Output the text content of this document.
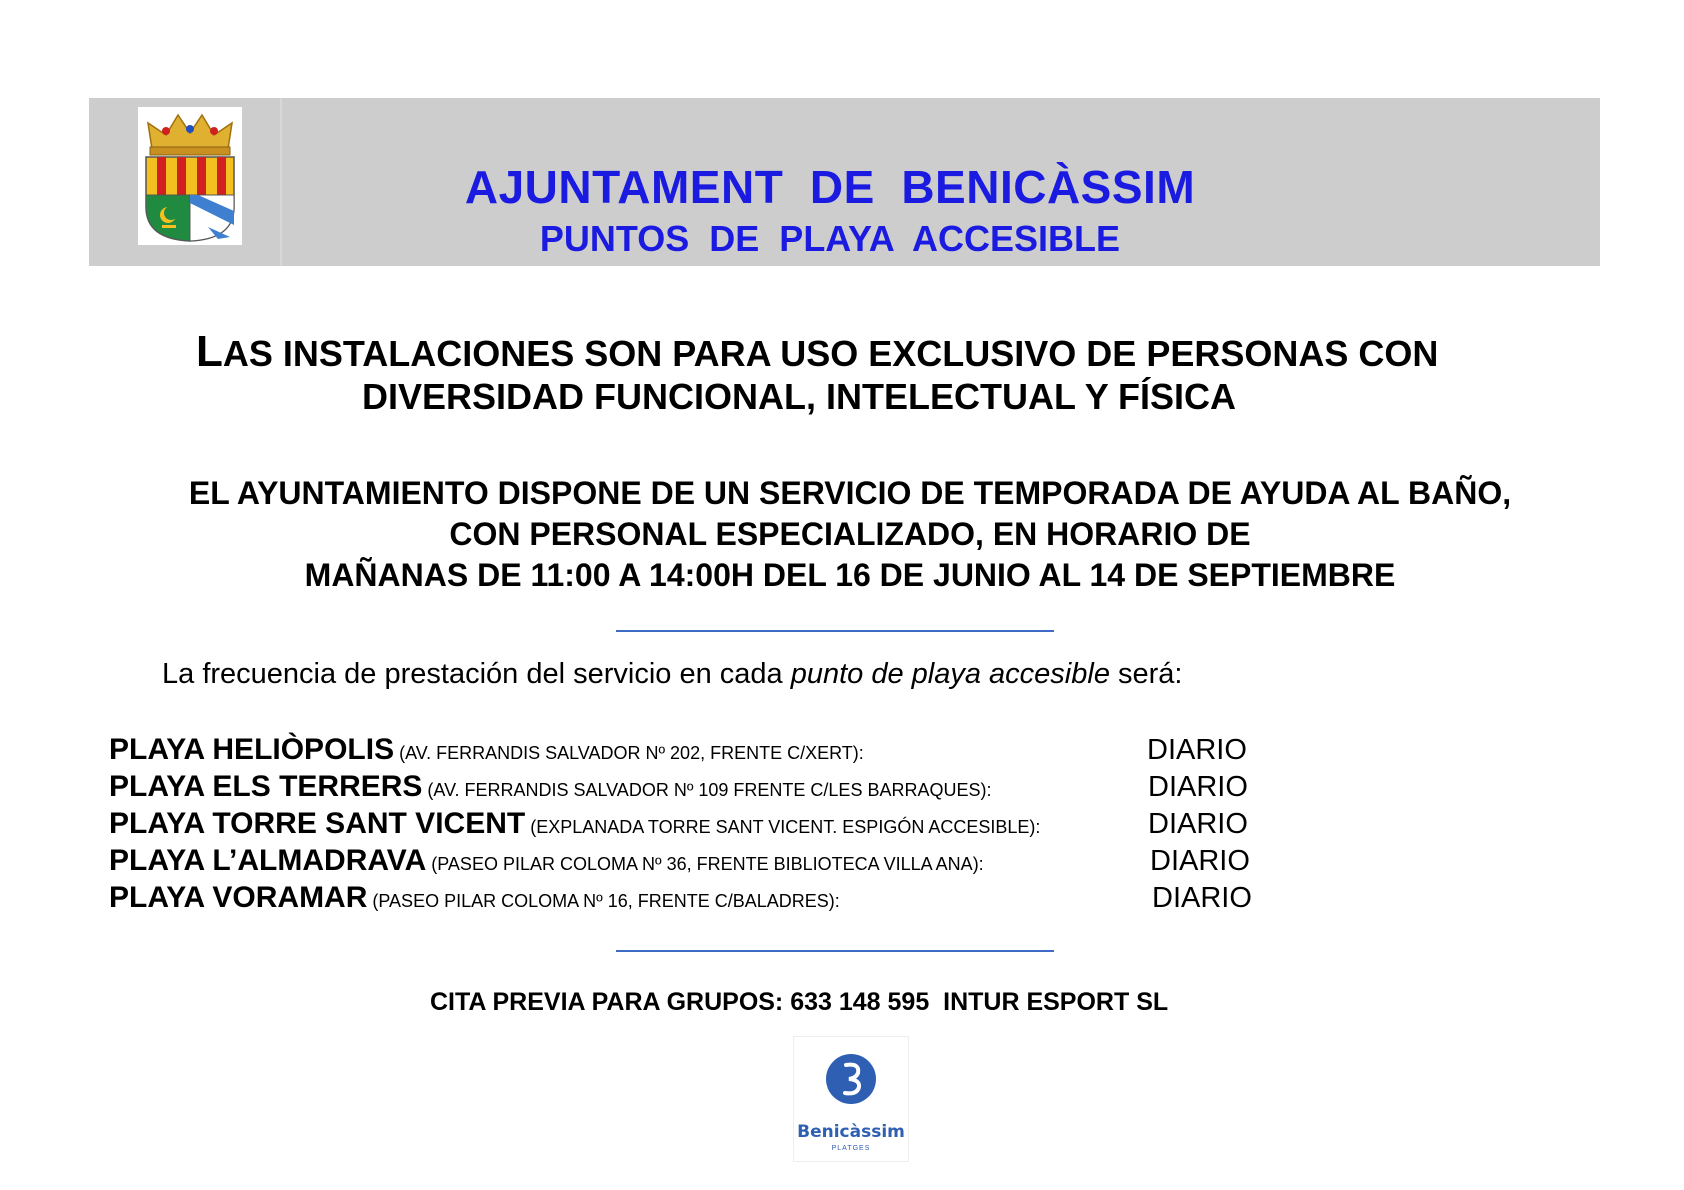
AJUNTAMENT  DE  BENICÀSSIM
PUNTOS  DE  PLAYA  ACCESIBLE
LAS INSTALACIONES SON PARA USO EXCLUSIVO DE PERSONAS CON
DIVERSIDAD FUNCIONAL, INTELECTUAL Y FÍSICA
EL AYUNTAMIENTO DISPONE DE UN SERVICIO DE TEMPORADA DE AYUDA AL BAÑO,
CON PERSONAL ESPECIALIZADO, EN HORARIO DE
MAÑANAS DE 11:00 A 14:00H DEL 16 DE JUNIO AL 14 DE SEPTIEMBRE
La frecuencia de prestación del servicio en cada punto de playa accesible será:
PLAYA HELIÒPOLIS (AV. FERRANDIS SALVADOR Nº 202, FRENTE C/XERT):	DIARIO
PLAYA ELS TERRERS (AV. FERRANDIS SALVADOR Nº 109 FRENTE C/LES BARRAQUES):	DIARIO
PLAYA TORRE SANT VICENT (EXPLANADA TORRE SANT VICENT. ESPIGÓN ACCESIBLE):	DIARIO
PLAYA L’ALMADRAVA (PASEO PILAR COLOMA Nº 36, FRENTE BIBLIOTECA VILLA ANA):	DIARIO
PLAYA VORAMAR (PASEO PILAR COLOMA Nº 16, FRENTE C/BALADRES):	DIARIO
CITA PREVIA PARA GRUPOS: 633 148 595  INTUR ESPORT SL
Benicàssim
PLATGES
